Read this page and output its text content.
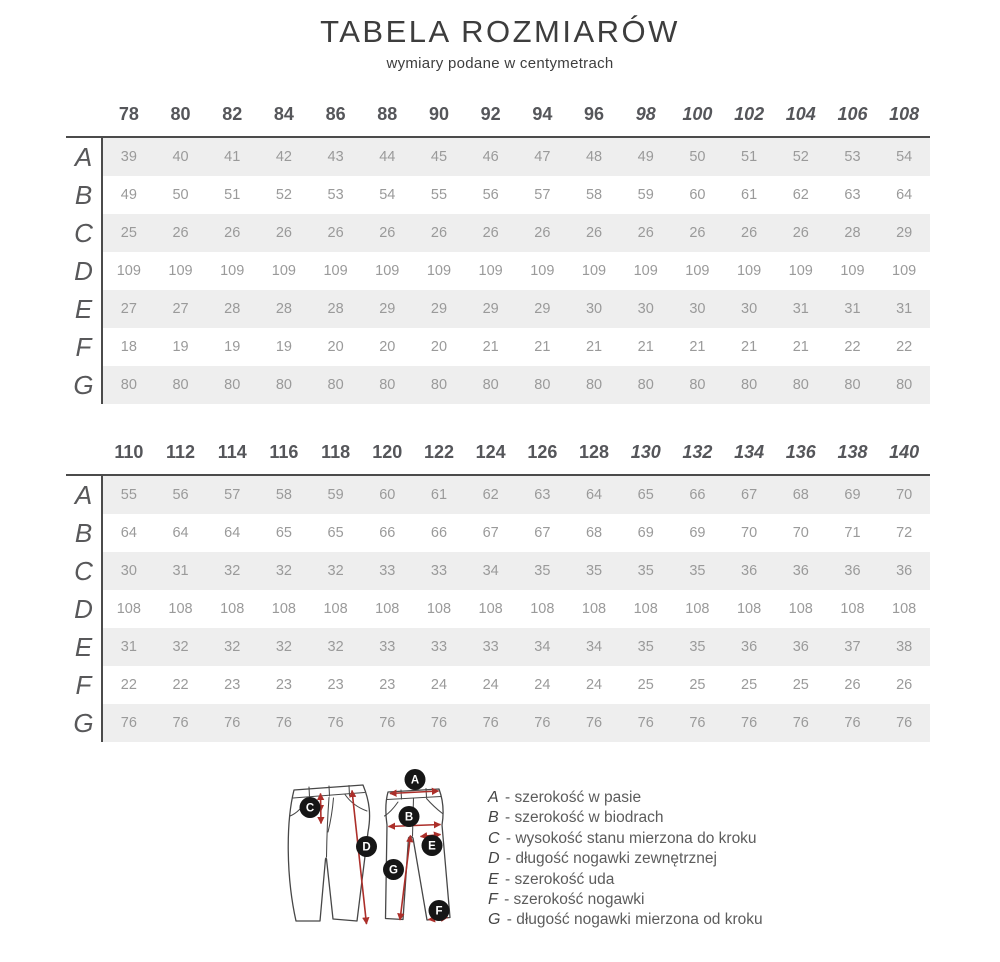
TABELA ROZMIARÓW
wymiary podane w centymetrach
78	80	82	84	86	88	90	92	94	96	98	100	102	104	106	108
A	39	40	41	42	43	44	45	46	47	48	49	50	51	52	53	54
B	49	50	51	52	53	54	55	56	57	58	59	60	61	62	63	64
C	25	26	26	26	26	26	26	26	26	26	26	26	26	26	28	29
D	109	109	109	109	109	109	109	109	109	109	109	109	109	109	109	109
E	27	27	28	28	28	29	29	29	29	30	30	30	30	31	31	31
F	18	19	19	19	20	20	20	21	21	21	21	21	21	21	22	22
G	80	80	80	80	80	80	80	80	80	80	80	80	80	80	80	80
110	112	114	116	118	120	122	124	126	128	130	132	134	136	138	140
A	55	56	57	58	59	60	61	62	63	64	65	66	67	68	69	70
B	64	64	64	65	65	66	66	67	67	68	69	69	70	70	71	72
C	30	31	32	32	32	33	33	34	35	35	35	35	36	36	36	36
D	108	108	108	108	108	108	108	108	108	108	108	108	108	108	108	108
E	31	32	32	32	32	33	33	33	34	34	35	35	36	36	37	38
F	22	22	23	23	23	23	24	24	24	24	25	25	25	25	26	26
G	76	76	76	76	76	76	76	76	76	76	76	76	76	76	76	76
A
B
C
D	E
F
G
A - szerokość w pasie
B - szerokość w biodrach
C - wysokość stanu mierzona do kroku
D - długość nogawki zewnętrznej
E - szerokość uda
F - szerokość nogawki
G - długość nogawki mierzona od kroku
